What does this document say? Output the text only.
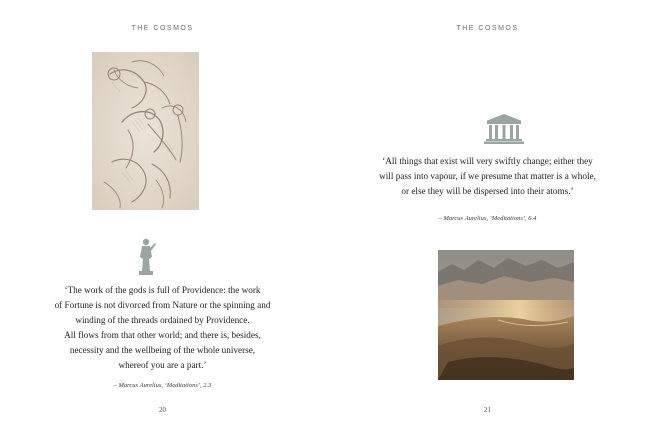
THE COSMOS

‘The work of the gods is full of Providence: the work

of Fortune is not divorced from Nature or the spinning and

winding of the threads ordained by Providence.

All flows from that other world; and there is, besides,

necessity and the wellbeing of the whole universe,

whereof you are a part.’

– Marcus Aurelius, ‘Meditations’, 2.3
20
THE COSMOS

‘All things that exist will very swiftly change; either they

will pass into vapour, if we presume that matter is a whole,

or else they will be dispersed into their atoms.’

– Marcus Aurelius, ‘Meditations’, 6.4
21
